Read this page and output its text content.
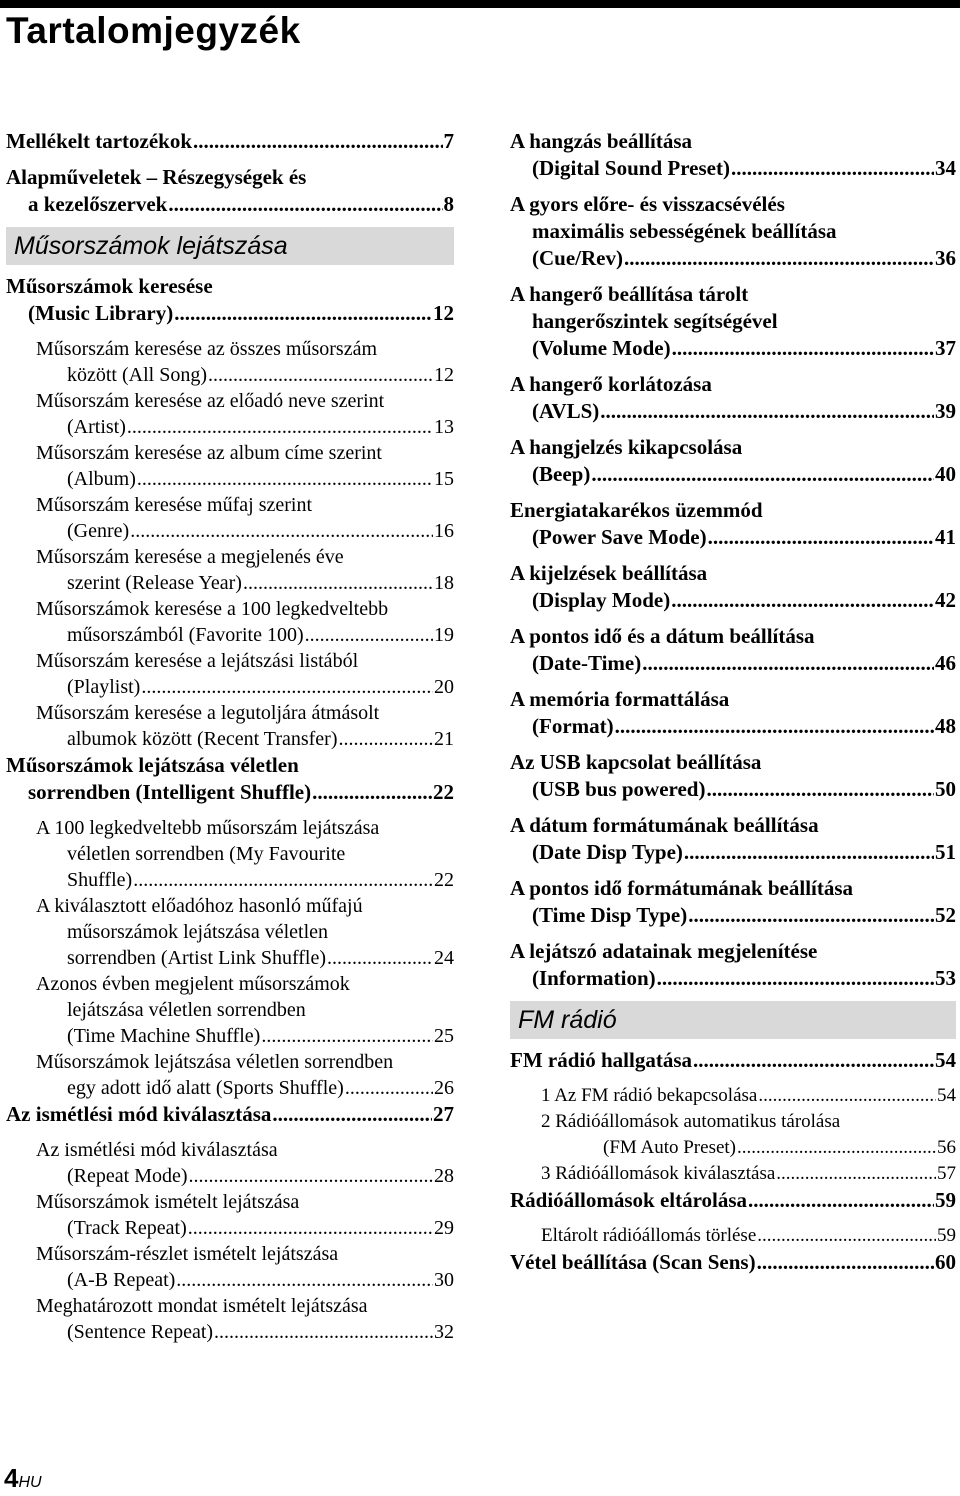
Tartalomjegyzék
Mellékelt tartozékok .....	7
Alapműveletek – Részegységek és
a kezelőszervek .....	8
Műsorszámok lejátszása
Műsorszámok keresése
(Music Library) .....	12
Műsorszám keresése az összes műsorszám
között (All Song) .....	12
Műsorszám keresése az előadó neve szerint
(Artist) .....	13
Műsorszám keresése az album címe szerint
(Album) .....	15
Műsorszám keresése műfaj szerint
(Genre) .....	16
Műsorszám keresése a megjelenés éve
szerint (Release Year) .....	18
Műsorszámok keresése a 100 legkedveltebb
műsorszámból (Favorite 100) .....	19
Műsorszám keresése a lejátszási listából
(Playlist) .....	20
Műsorszám keresése a legutoljára átmásolt
albumok között (Recent Transfer) .....	21
Műsorszámok lejátszása véletlen
sorrendben (Intelligent Shuffle) .....	22
A 100 legkedveltebb műsorszám lejátszása
véletlen sorrendben (My Favourite
Shuffle) .....	22
A kiválasztott előadóhoz hasonló műfajú
műsorszámok lejátszása véletlen
sorrendben (Artist Link Shuffle) .....	24
Azonos évben megjelent műsorszámok
lejátszása véletlen sorrendben
(Time Machine Shuffle) .....	25
Műsorszámok lejátszása véletlen sorrendben
egy adott idő alatt (Sports Shuffle) .....	26
Az ismétlési mód kiválasztása .....	27
Az ismétlési mód kiválasztása
(Repeat Mode) .....	28
Műsorszámok ismételt lejátszása
(Track Repeat) .....	29
Műsorszám-részlet ismételt lejátszása
(A-B Repeat) .....	30
Meghatározott mondat ismételt lejátszása
(Sentence Repeat) .....	32
A hangzás beállítása
(Digital Sound Preset) .....	34
A gyors előre- és visszacsévélés
maximális sebességének beállítása
(Cue/Rev) .....	36
A hangerő beállítása tárolt
hangerőszintek segítségével
(Volume Mode) .....	37
A hangerő korlátozása
(AVLS) .....	39
A hangjelzés kikapcsolása
(Beep) .....	40
Energiatakarékos üzemmód
(Power Save Mode) .....	41
A kijelzések beállítása
(Display Mode) .....	42
A pontos idő és a dátum beállítása
(Date-Time) .....	46
A memória formattálása
(Format) .....	48
Az USB kapcsolat beállítása
(USB bus powered) .....	50
A dátum formátumának beállítása
(Date Disp Type) .....	51
A pontos idő formátumának beállítása
(Time Disp Type) .....	52
A lejátszó adatainak megjelenítése
(Information) .....	53
FM rádió
FM rádió hallgatása .....	54
1 Az FM rádió bekapcsolása .....	54
2 Rádióállomások automatikus tárolása
(FM Auto Preset) .....	56
3 Rádióállomások kiválasztása .....	57
Rádióállomások eltárolása .....	59
Eltárolt rádióállomás törlése .....	59
Vétel beállítása (Scan Sens) .....	60
4HU
